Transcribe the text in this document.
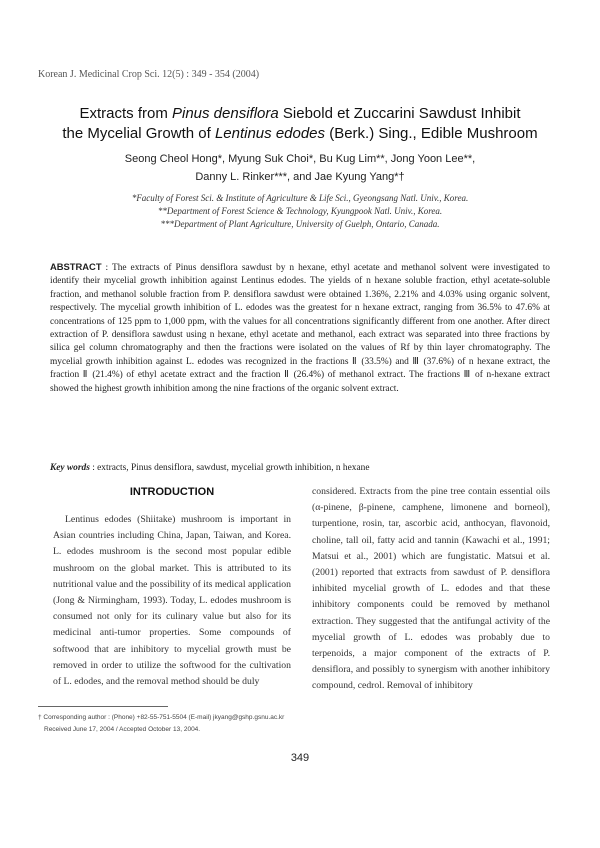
Korean J. Medicinal Crop Sci. 12(5) : 349 - 354 (2004)
Extracts from Pinus densiflora Siebold et Zuccarini Sawdust Inhibit
the Mycelial Growth of Lentinus edodes (Berk.) Sing., Edible Mushroom
Seong Cheol Hong*, Myung Suk Choi*, Bu Kug Lim**, Jong Yoon Lee**,
Danny L. Rinker***, and Jae Kyung Yang*†
*Faculty of Forest Sci. & Institute of Agriculture & Life Sci., Gyeongsang Natl. Univ., Korea.
**Department of Forest Science & Technology, Kyungpook Natl. Univ., Korea.
***Department of Plant Agriculture, University of Guelph, Ontario, Canada.
ABSTRACT : The extracts of Pinus densiflora sawdust by n hexane, ethyl acetate and methanol solvent were investigated to identify their mycelial growth inhibition against Lentinus edodes. The yields of n hexane soluble fraction, ethyl acetate-soluble fraction, and methanol soluble fraction from P. densiflora sawdust were obtained 1.36%, 2.21% and 4.03% using organic solvent, respectively. The mycelial growth inhibition of L. edodes was the greatest for n hexane extract, ranging from 36.5% to 47.6% at concentrations of 125 ppm to 1,000 ppm, with the values for all concentrations significantly different from one another. After direct extraction of P. densiflora sawdust using n hexane, ethyl acetate and methanol, each extract was separated into three fractions by silica gel column chromatography and then the fractions were isolated on the values of Rf by thin layer chromatography. The mycelial growth inhibition against L. edodes was recognized in the fractions Ⅱ (33.5%) and Ⅲ (37.6%) of n hexane extract, the fraction Ⅱ (21.4%) of ethyl acetate extract and the fraction Ⅱ (26.4%) of methanol extract. The fractions Ⅲ of n-hexane extract showed the highest growth inhibition among the nine fractions of the organic solvent extract.
Key words : extracts, Pinus densiflora, sawdust, mycelial growth inhibition, n hexane
INTRODUCTION
Lentinus edodes (Shiitake) mushroom is important in Asian countries including China, Japan, Taiwan, and Korea. L. edodes mushroom is the second most popular edible mushroom on the global market. This is attributed to its nutritional value and the possibility of its medical application (Jong & Nirmingham, 1993). Today, L. edodes mushroom is consumed not only for its culinary value but also for its medicinal anti-tumor properties. Some compounds of softwood that are inhibitory to mycelial growth must be removed in order to utilize the softwood for the cultivation of L. edodes, and the removal method should be duly
considered. Extracts from the pine tree contain essential oils (α-pinene, β-pinene, camphene, limonene and borneol), turpentione, rosin, tar, ascorbic acid, anthocyan, flavonoid, choline, tall oil, fatty acid and tannin (Kawachi et al., 1991; Matsui et al., 2001) which are fungistatic. Matsui et al. (2001) reported that extracts from sawdust of P. densiflora inhibited mycelial growth of L. edodes and that these inhibitory components could be removed by methanol extraction. They suggested that the antifungal activity of the mycelial growth of L. edodes was probably due to terpenoids, a major component of the extracts of P. densiflora, and possibly to synergism with another inhibitory compound, cedrol. Removal of inhibitory
† Corresponding author : (Phone) +82-55-751-5504 (E-mail) jkyang@gshp.gsnu.ac.kr
Received June 17, 2004 / Accepted October 13, 2004.
349
